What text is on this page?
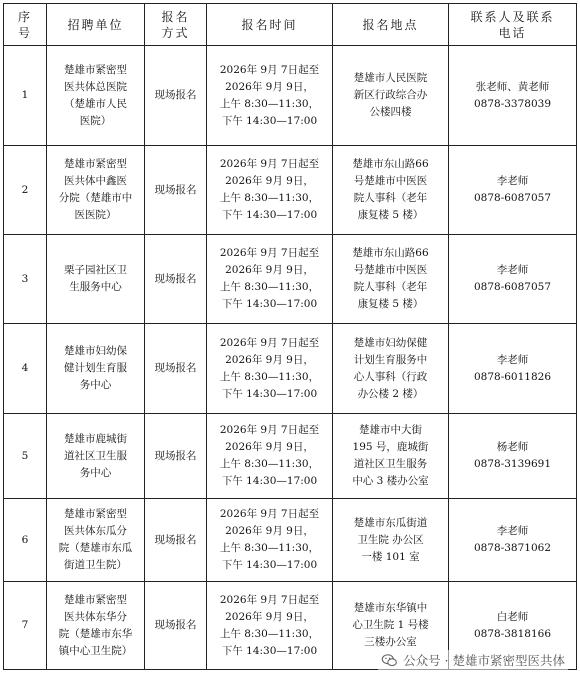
序
号	招聘单位	报名
方式	报名时间	报名地点	联系人及联系
电话
1	楚雄市紧密型
医共体总医院
（楚雄市人民
医院）	现场报名	2026年 9月 7日起至
2026年 9月 9日，
上午 8:30—11:30，
下午 14:30—17:00	楚雄市人民医院
新区行政综合办
公楼四楼	张老师、黄老师
0878-3378039
2	楚雄市紧密型
医共体中鑫医
分院（楚雄市中
医医院）	现场报名	2026年 9月 7日起至
2026年 9月 9日，
上午 8:30—11:30，
下午 14:30—17:00	楚雄市东山路66
号楚雄市中医医
院人事科（老年
康复楼 5 楼）	李老师
0878-6087057
3	栗子园社区卫
生服务中心	现场报名	2026年 9月 7日起至
2026年 9月 9日，
上午 8:30—11:30，
下午 14:30—17:00	楚雄市东山路66
号楚雄市中医医
院人事科（老年
康复楼 5 楼）	李老师
0878-6087057
4	楚雄市妇幼保
健计划生育服
务中心	现场报名	2026年 9月 7日起至
2026年 9月 9日，
上午 8:30—11:30，
下午 14:30—17:00	楚雄市妇幼保健
计划生育服务中
心人事科（行政
办公楼 2 楼）	李老师
0878-6011826
5	楚雄市鹿城街
道社区卫生服
务中心	现场报名	2026年 9月 7日起至
2026年 9月 9日，
上午 8:30—11:30，
下午 14:30—17:00	楚雄市中大街
195 号，鹿城街
道社区卫生服务
中心 3 楼办公室	杨老师
0878-3139691
6	楚雄市紧密型
医共体东瓜分
院（楚雄市东瓜
街道卫生院）	现场报名	2026年 9月 7日起至
2026年 9月 9日，
上午 8:30—11:30，
下午 14:30—17:00	楚雄市东瓜街道
卫生院 办公区
一楼 101 室	李老师
0878-3871062
7	楚雄市紧密型
医共体东华分
院（楚雄市东华
镇中心卫生院）	现场报名	2026年 9月 7日起至
2026年 9月 9日，
上午 8:30—11:30，
下午 14:30—17:00	楚雄市东华镇中
心卫生院 1 号楼
三楼办公室	白老师
0878-3818166
公众号 · 楚雄市紧密型医共体
